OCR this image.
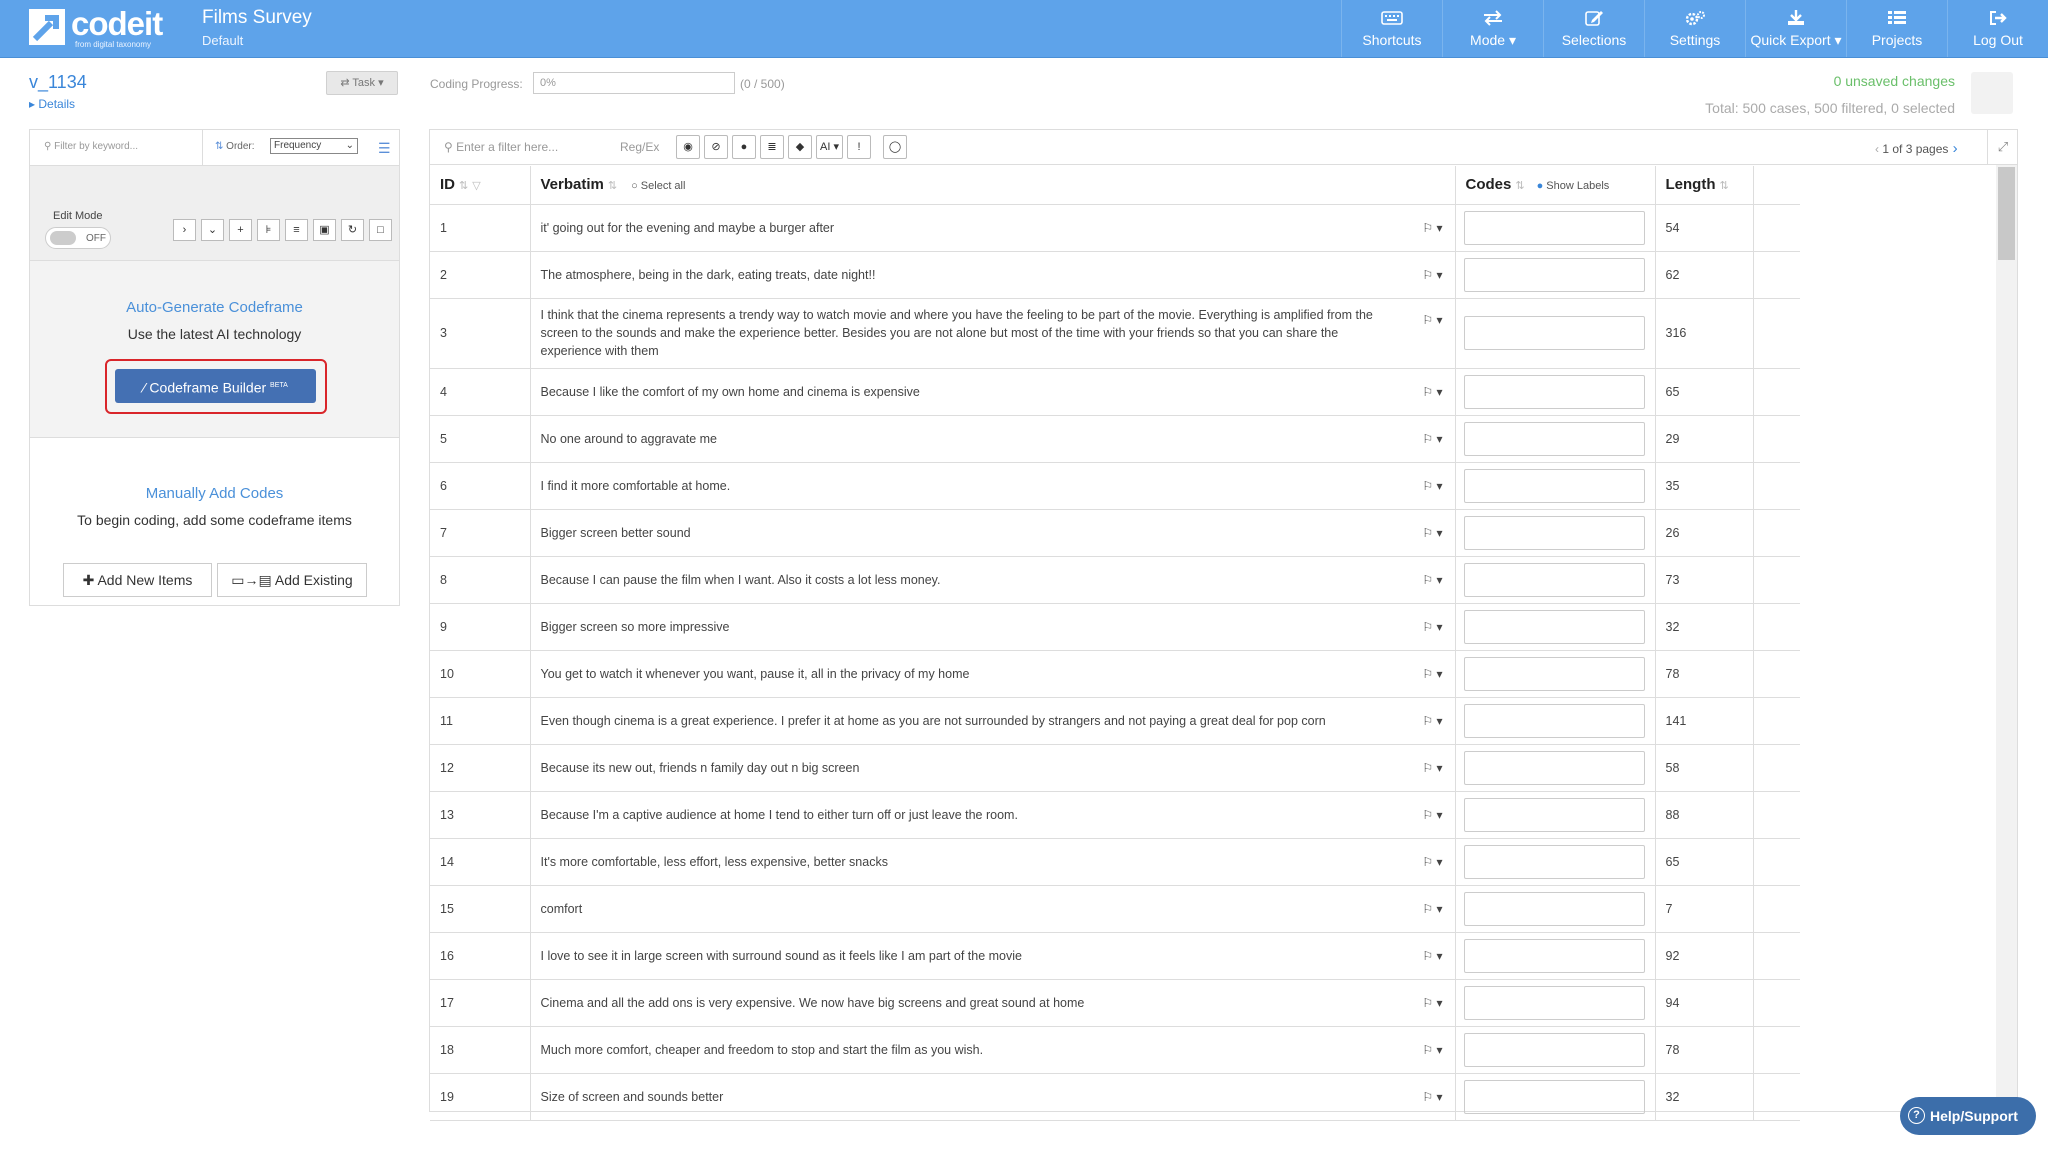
codeit
from digital taxonomy
Films Survey
Default	Shortcuts	Mode ▾	Selections	Settings	Quick Export ▾	Projects	Log Out
v_1134
▸ Details
⇄ Task ▾	Coding Progress:	0%	(0 / 500)	0 unsaved changes
Total: 500 cases, 500 filtered, 0 selected
⚲ Filter by keyword...	⇅ Order:	Frequency ⌄ ☰
Edit Mode
OFF
›	⌄	+	⊧	≡	▣	↻	□
Auto-Generate Codeframe
Use the latest AI technology
⁄ Codeframe Builder $^{BETA}$
Manually Add Codes
To begin coding, add some codeframe items
✚ Add New Items	▭→▤ Add Existing
⚲ Enter a filter here...	Reg/Ex	◉	⊘	●	≣	◆	AI ▾	!	◯	‹ 1 of 3 pages ›	⤢
ID ⇅ ▽	Verbatim ⇅ ○ Select all	Codes ⇅ ● Show Labels	Length ⇅	
1	it' going out for the evening and maybe a burger after ⚐ ▾		54	
2	The atmosphere, being in the dark, eating treats, date night!! ⚐ ▾		62	
3	I think that the cinema represents a trendy way to watch movie and where you have the feeling to be part of the movie. Everything is amplified from the screen to the sounds and make the experience better. Besides you are not alone but most of the time with your friends so that you can share the experience with them
⚐ ▾		316	
4	Because I like the comfort of my own home and cinema is expensive ⚐ ▾		65	
5	No one around to aggravate me ⚐ ▾		29	
6	I find it more comfortable at home. ⚐ ▾		35	
7	Bigger screen better sound ⚐ ▾		26	
8	Because I can pause the film when I want. Also it costs a lot less money. ⚐ ▾		73	
9	Bigger screen so more impressive ⚐ ▾		32	
10	You get to watch it whenever you want, pause it, all in the privacy of my home ⚐ ▾		78	
11	Even though cinema is a great experience. I prefer it at home as you are not surrounded by strangers and not paying a great deal for pop corn ⚐ ▾		141	
12	Because its new out, friends n family day out n big screen ⚐ ▾		58	
13	Because I'm a captive audience at home I tend to either turn off or just leave the room. ⚐ ▾		88	
14	It's more comfortable, less effort, less expensive, better snacks ⚐ ▾		65	
15	comfort ⚐ ▾		7	
16	I love to see it in large screen with surround sound as it feels like I am part of the movie ⚐ ▾		92	
17	Cinema and all the add ons is very expensive. We now have big screens and great sound at home ⚐ ▾		94	
18	Much more comfort, cheaper and freedom to stop and start the film as you wish. ⚐ ▾		78	
19	Size of screen and sounds better ⚐ ▾		32	
? Help/Support
